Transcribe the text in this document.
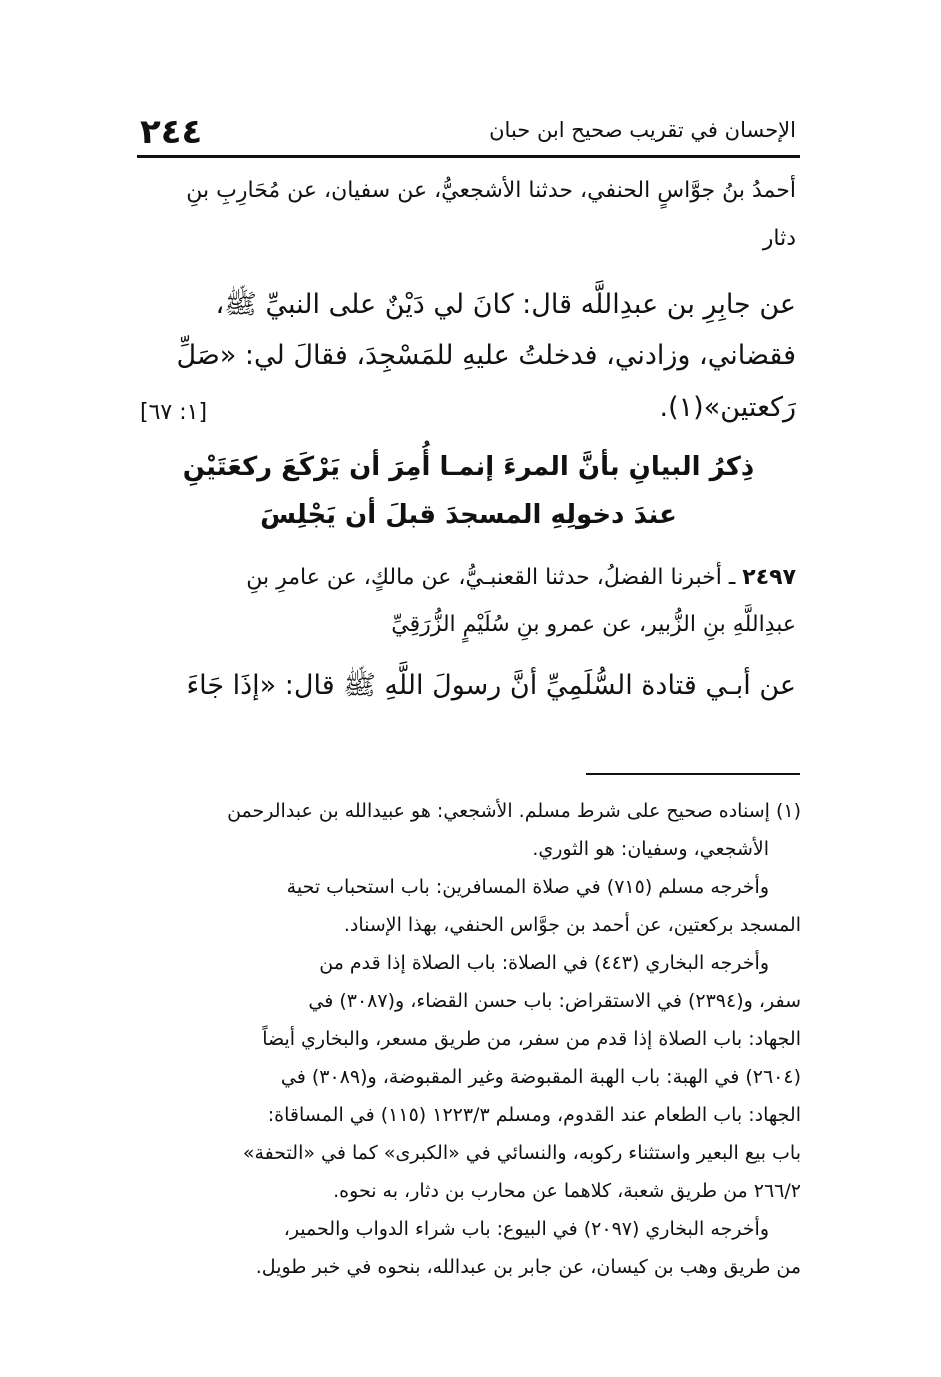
٢٤٤	الإحسان في تقريب صحيح ابن حبان
أحمدُ بنُ جوَّاسٍ الحنفي، حدثنا الأشجعيُّ، عن سفيان، عن مُحَارِبِ بنِ
دثار
عن جابِرِ بن عبدِاللَّه قال: كانَ لي دَيْنٌ على النبيِّ ﷺ،
فقضاني، وزادني، فدخلتُ عليهِ للمَسْجِدَ، فقالَ لي: «صَلِّ
رَكعتين»(١).
[١: ٦٧]
ذِكرُ البيانِ بأنَّ المرءَ إنمـا أُمِرَ أن يَرْكَعَ ركعَتَيْنِ
عندَ دخولِهِ المسجدَ قبلَ أن يَجْلِسَ
٢٤٩٧ ـ أخبرنا الفضلُ، حدثنا القعنبـيُّ، عن مالكٍ، عن عامرِ بنِ
عبدِاللَّهِ بنِ الزُّبير، عن عمرو بنِ سُلَيْمٍ الزُّرَقِيِّ
عن أبـي قتادة السُّلَمِيِّ أنَّ رسولَ اللَّهِ ﷺ قال: «إذَا جَاءَ
(١) إسناده صحيح على شرط مسلم. الأشجعي: هو عبيدالله بن عبدالرحمن
الأشجعي، وسفيان: هو الثوري.
وأخرجه مسلم (٧١٥) في صلاة المسافرين: باب استحباب تحية
المسجد بركعتين، عن أحمد بن جوَّاس الحنفي، بهذا الإسناد.
وأخرجه البخاري (٤٤٣) في الصلاة: باب الصلاة إذا قدم من
سفر، و(٢٣٩٤) في الاستقراض: باب حسن القضاء، و(٣٠٨٧) في
الجهاد: باب الصلاة إذا قدم من سفر، من طريق مسعر، والبخاري أيضاً
(٢٦٠٤) في الهبة: باب الهبة المقبوضة وغير المقبوضة، و(٣٠٨٩) في
الجهاد: باب الطعام عند القدوم، ومسلم ١٢٢٣/٣ (١١٥) في المساقاة:
باب بيع البعير واستثناء ركوبه، والنسائي في «الكبرى» كما في «التحفة»
٢٦٦/٢ من طريق شعبة، كلاهما عن محارب بن دثار، به نحوه.
وأخرجه البخاري (٢٠٩٧) في البيوع: باب شراء الدواب والحمير،
من طريق وهب بن كيسان، عن جابر بن عبدالله، بنحوه في خبر طويل.
